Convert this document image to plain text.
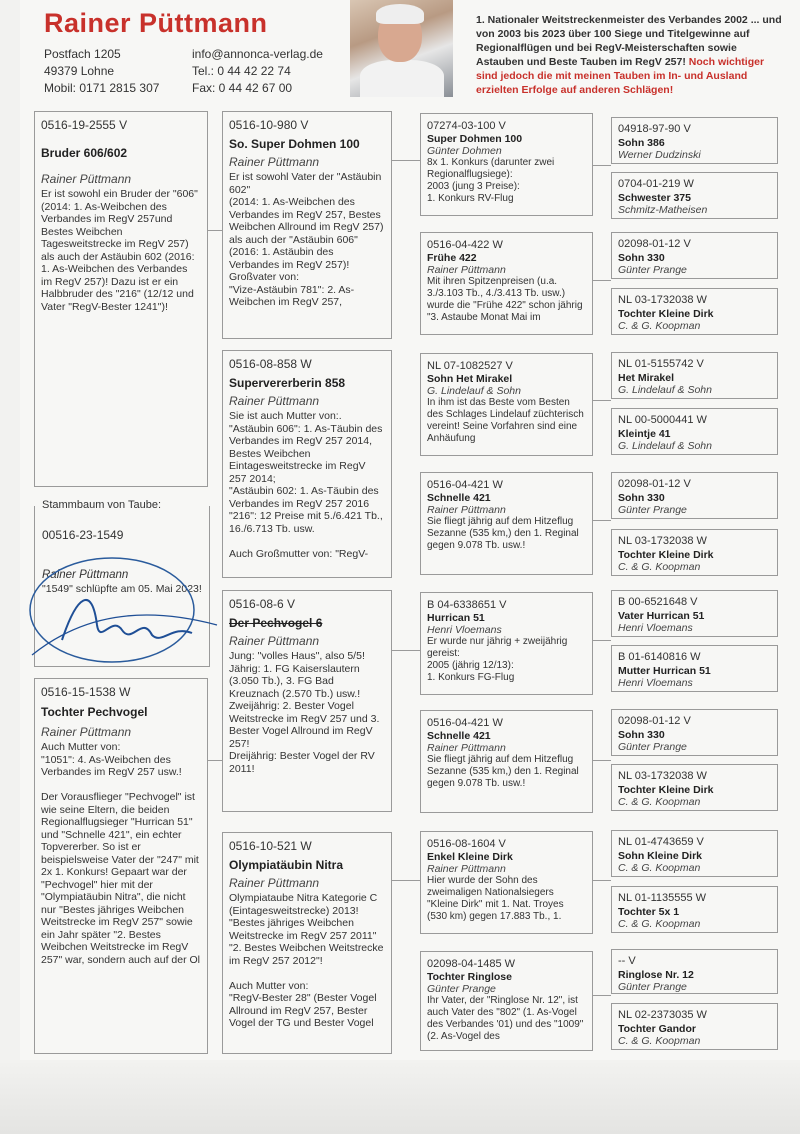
Rainer Püttmann
Postfach 1205
49379 Lohne
Mobil: 0171 2815 307
info@annonca-verlag.de
Tel.: 0 44 42 22 74
Fax: 0 44 42 67 00
1. Nationaler Weitstreckenmeister des Verbandes 2002 ... und von 2003 bis 2023 über 100 Siege und Titelgewinne auf Regionalflügen und bei RegV-Meisterschaften sowie Astauben und Beste Tauben im RegV 257! Noch wichtiger sind jedoch die mit meinen Tauben im In- und Ausland erzielten Erfolge auf anderen Schlägen!
0516-19-2555 V
Bruder 606/602
Rainer Püttmann
Er ist sowohl ein Bruder der "606" (2014: 1. As-Weibchen des Verbandes im RegV 257und Bestes Weibchen Tagesweitstrecke im RegV 257) als auch der Astäubin 602 (2016: 1. As-Weibchen des Verbandes im RegV 257)! Dazu ist er ein Halbbruder des "216" (12/12 und Vater "RegV-Bester 1241")!
Stammbaum von Taube:
00516-23-1549
Rainer Püttmann
"1549" schlüpfte am 05. Mai 2023!
0516-15-1538 W
Tochter Pechvogel
Rainer Püttmann
Auch Mutter von:
"1051": 4. As-Weibchen des Verbandes im RegV 257 usw.!

Der Vorausflieger "Pechvogel" ist wie seine Eltern, die beiden Regionalflugsieger "Hurrican 51" und "Schnelle 421", ein echter Topvererber. So ist er beispielsweise Vater der "247" mit 2x 1. Konkurs! Gepaart war der "Pechvogel" hier mit der "Olympiatäubin Nitra", die nicht nur "Bestes jähriges Weibchen Weitstrecke im RegV 257" sowie ein Jahr später "2. Bestes Weibchen Weitstrecke im RegV 257" war, sondern auch auf der Ol
0516-10-980 V
So. Super Dohmen 100
Rainer Püttmann
Er ist sowohl Vater der "Astäubin 602"
(2014: 1. As-Weibchen des Verbandes im RegV 257, Bestes Weibchen Allround im RegV 257)
als auch der "Astäubin 606"
(2016: 1. Astäubin des Verbandes im RegV 257)!
Großvater von:
"Vize-Astäubin 781": 2. As-Weibchen im RegV 257,
0516-08-858 W
Supervererberin 858
Rainer Püttmann
Sie ist auch Mutter von:.
"Astäubin 606": 1. As-Täubin des Verbandes im RegV 257 2014, Bestes Weibchen Eintagesweitstrecke im RegV 257 2014;
"Astäubin 602: 1. As-Täubin des Verbandes im RegV 257 2016
"216": 12 Preise mit 5./6.421 Tb., 16./6.713 Tb. usw.

Auch Großmutter von: "RegV-
0516-08-6 V
Der Pechvogel 6
Rainer Püttmann
Jung: "volles Haus", also 5/5!
Jährig: 1. FG Kaiserslautern (3.050 Tb.), 3. FG Bad Kreuznach (2.570 Tb.) usw.!
Zweijährig: 2. Bester Vogel Weitstrecke im RegV 257 und 3. Bester Vogel Allround im RegV 257!
Dreijährig: Bester Vogel der RV 2011!
0516-10-521 W
Olympiatäubin Nitra
Rainer Püttmann
Olympiataube Nitra Kategorie C (Eintagesweitstrecke) 2013!
"Bestes jähriges Weibchen Weitstrecke im RegV 257 2011"
"2. Bestes Weibchen Weitstrecke im RegV 257 2012"!

Auch Mutter von:
"RegV-Bester 28" (Bester Vogel Allround im RegV 257, Bester Vogel der TG und Bester Vogel
07274-03-100 V
Super Dohmen 100
Günter Dohmen
8x 1. Konkurs (darunter zwei Regionalflugsiege):
2003 (jung 3 Preise):
1. Konkurs RV-Flug
0516-04-422 W
Frühe 422
Rainer Püttmann
Mit ihren Spitzenpreisen (u.a. 3./3.103 Tb., 4./3.413 Tb. usw.) wurde die "Frühe 422" schon jährig "3. Astaube Monat Mai im
NL 07-1082527 V
Sohn Het Mirakel
G. Lindelauf & Sohn
In ihm ist das Beste vom Besten des Schlages Lindelauf züchterisch vereint! Seine Vorfahren sind eine Anhäufung
0516-04-421 W
Schnelle 421
Rainer Püttmann
Sie fliegt jährig auf dem Hitzeflug Sezanne (535 km,) den 1. Reginal gegen 9.078 Tb. usw.!
B 04-6338651 V
Hurrican 51
Henri Vloemans
Er wurde nur jährig + zweijährig gereist:
2005 (jährig 12/13):
1. Konkurs FG-Flug
0516-04-421 W
Schnelle 421
Rainer Püttmann
Sie fliegt jährig auf dem Hitzeflug Sezanne (535 km,) den 1. Reginal gegen 9.078 Tb. usw.!
0516-08-1604 V
Enkel Kleine Dirk
Rainer Püttmann
Hier wurde der Sohn des zweimaligen Nationalsiegers "Kleine Dirk" mit 1. Nat. Troyes (530 km) gegen 17.883 Tb., 1.
02098-04-1485 W
Tochter Ringlose
Günter Prange
Ihr Vater, der "Ringlose Nr. 12", ist auch Vater des "802" (1. As-Vogel des Verbandes '01) und des "1009" (2. As-Vogel des
04918-97-90 V
Sohn 386
Werner Dudzinski
0704-01-219 W
Schwester 375
Schmitz-Matheisen
02098-01-12 V
Sohn 330
Günter Prange
NL 03-1732038 W
Tochter Kleine Dirk
C. & G. Koopman
NL 01-5155742 V
Het Mirakel
G. Lindelauf & Sohn
NL 00-5000441 W
Kleintje 41
G. Lindelauf & Sohn
02098-01-12 V
Sohn 330
Günter Prange
NL 03-1732038 W
Tochter Kleine Dirk
C. & G. Koopman
B 00-6521648 V
Vater Hurrican 51
Henri Vloemans
B 01-6140816 W
Mutter Hurrican 51
Henri Vloemans
02098-01-12 V
Sohn 330
Günter Prange
NL 03-1732038 W
Tochter Kleine Dirk
C. & G. Koopman
NL 01-4743659 V
Sohn Kleine Dirk
C. & G. Koopman
NL 01-1135555 W
Tochter 5x 1
C. & G. Koopman
-- V
Ringlose Nr. 12
Günter Prange
NL 02-2373035 W
Tochter Gandor
C. & G. Koopman
